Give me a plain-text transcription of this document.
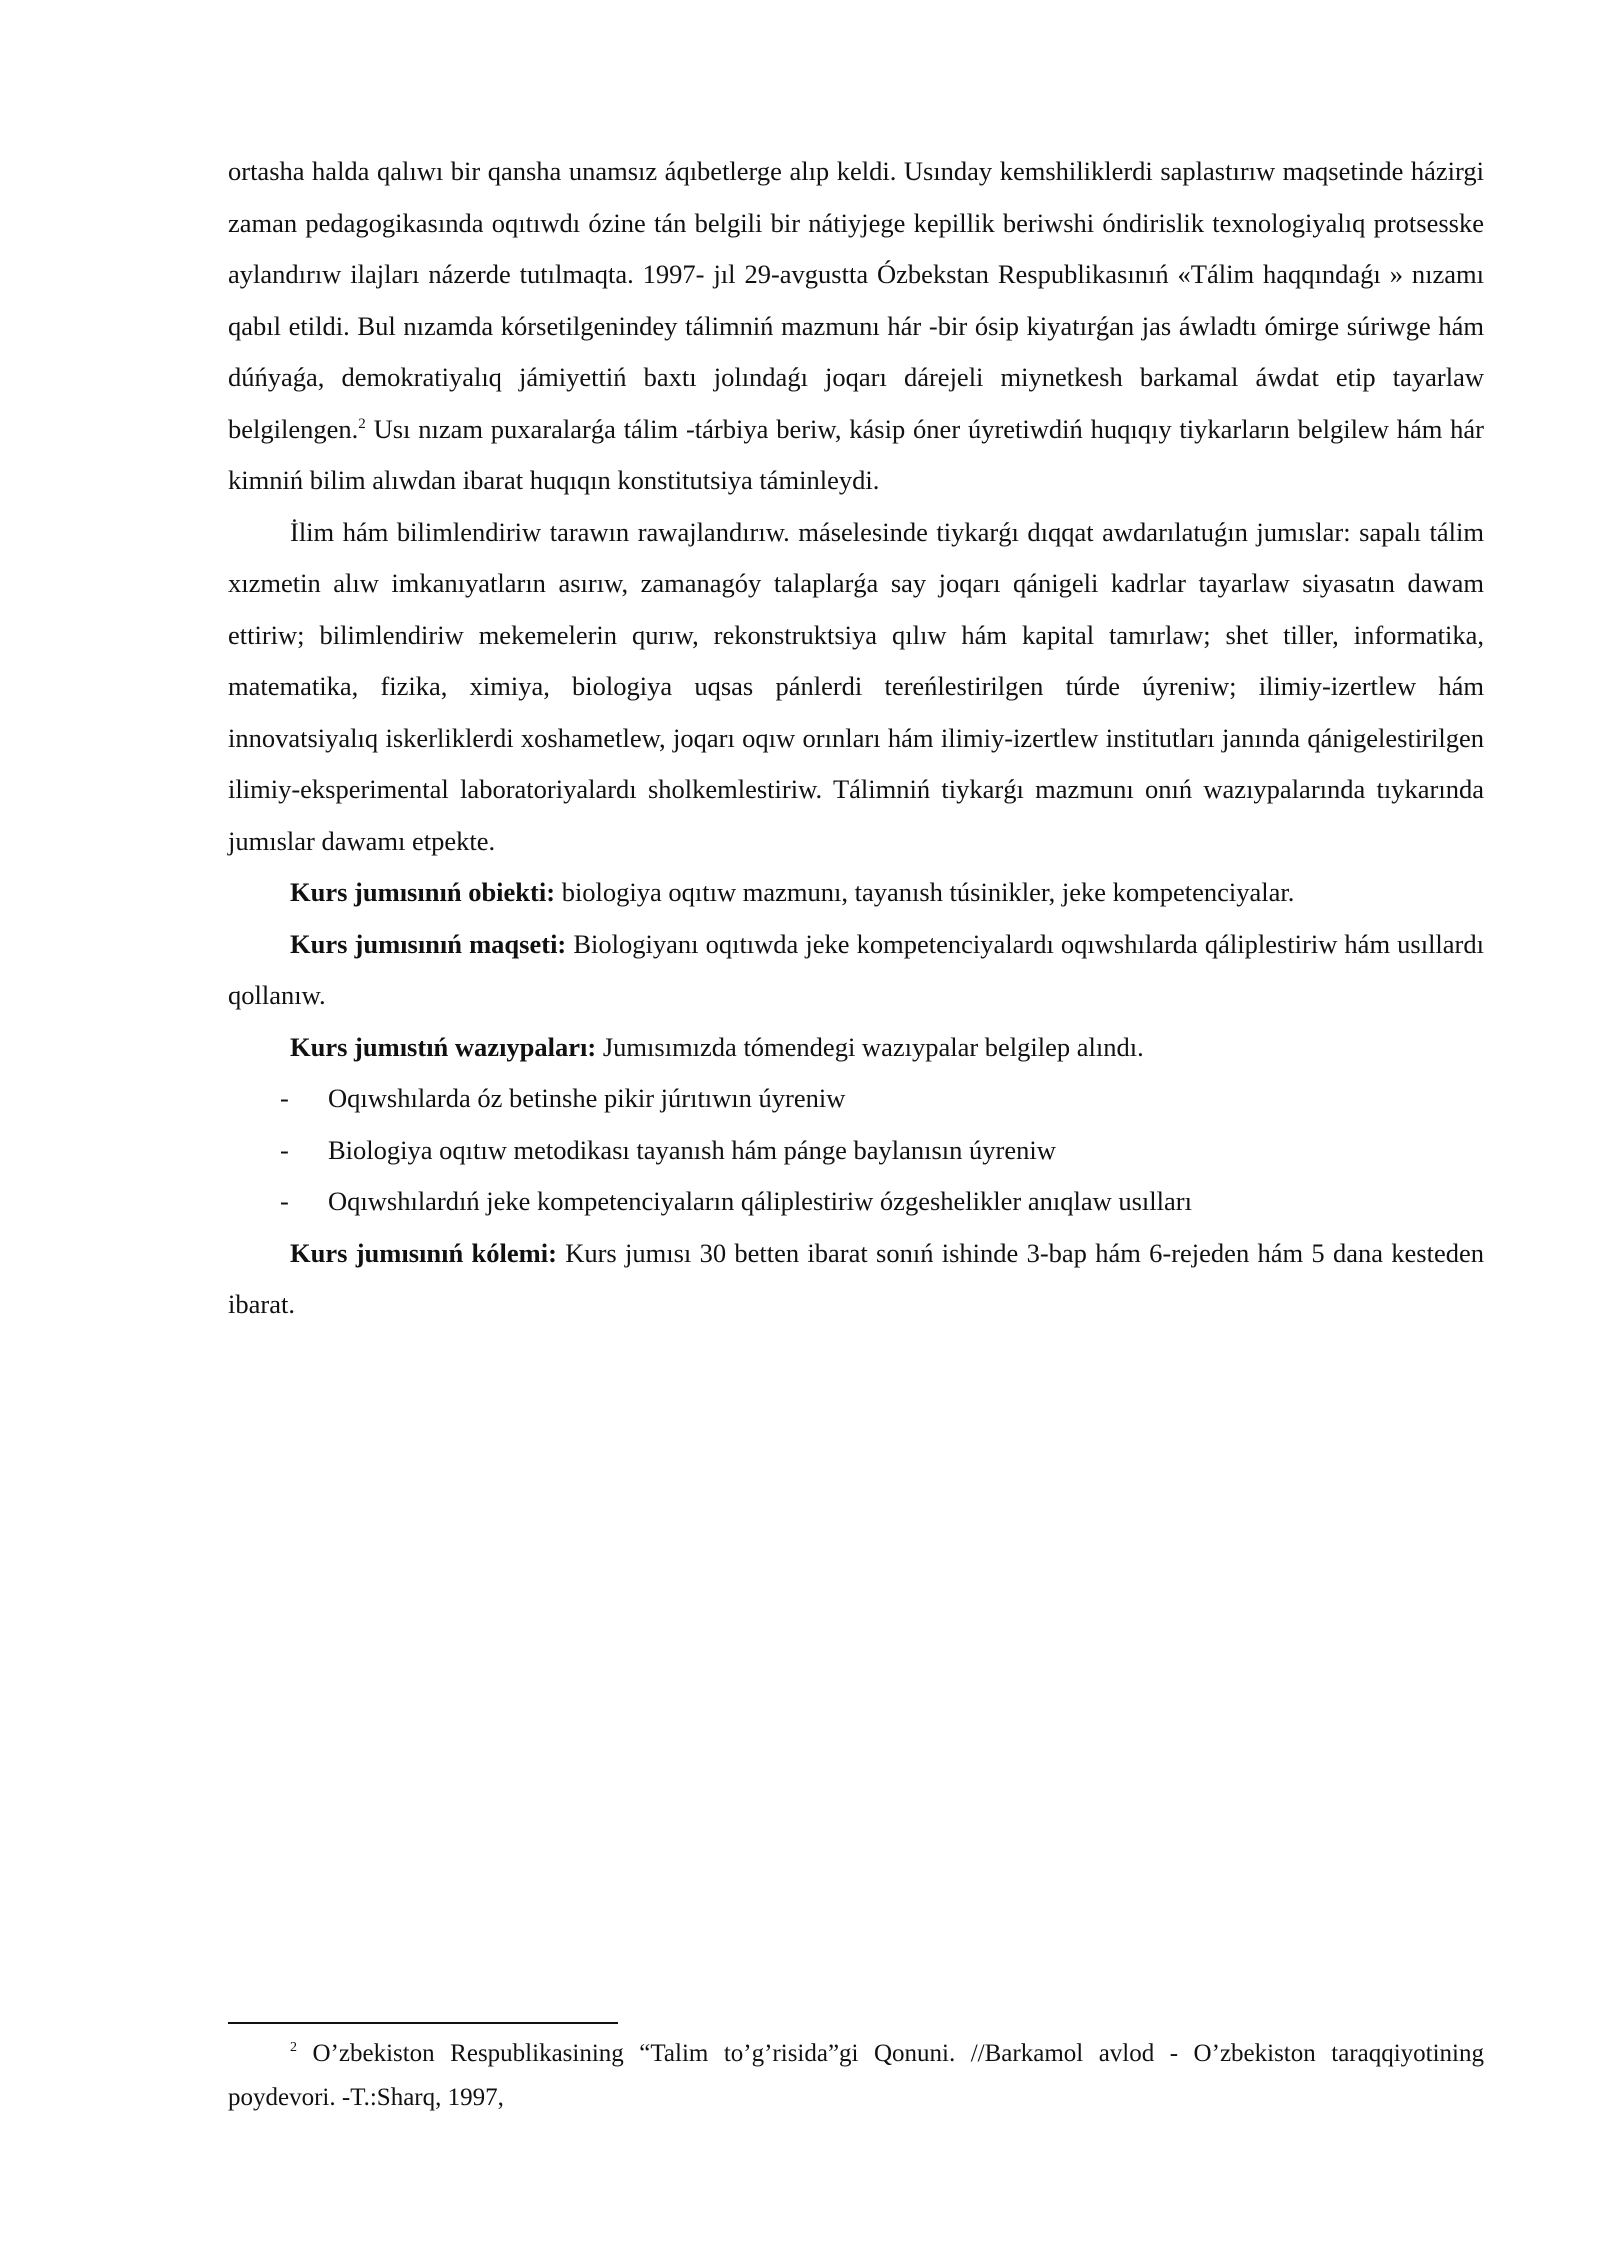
ortasha halda qalıwı bir qansha unamsız áqıbetlerge alıp keldi. Usınday kemshiliklerdi saplastırıw maqsetinde házirgi zaman pedagogikasında oqıtıwdı ózine tán belgili bir nátiyjege kepillik beriwshi óndirislik texnologiyalıq protsesske aylandırıw ilajları názerde tutılmaqta. 1997- jıl 29-avgustta Ózbekstan Respublikasınıń «Tálim haqqındaǵı » nızamı qabıl etildi. Bul nızamda kórsetilgenindey tálimniń mazmunı hár -bir ósip kiyatırǵan jas áwladtı ómirge súriwge hám dúńyaǵa, demokratiyalıq jámiyettiń baxtı jolındaǵı joqarı dárejeli miynetkesh barkamal áwdat etip tayarlaw belgilengen.$^2$ Usı nızam puxaralarǵa tálim -tárbiya beriw, kásip óner úyretiwdiń huqıqıy tiykarların belgilew hám hár kimniń bilim alıwdan ibarat huqıqın konstitutsiya táminleydi.

İlim hám bilimlendiriw tarawın rawajlandırıw. máselesinde tiykarǵı dıqqat awdarılatuǵın jumıslar: sapalı tálim xızmetin alıw imkanıyatların asırıw, zamanagóy talaplarǵa say joqarı qánigeli kadrlar tayarlaw siyasatın dawam ettiriw; bilimlendiriw mekemelerin qurıw, rekonstruktsiya qılıw hám kapital tamırlaw; shet tiller, informatika, matematika, fizika, ximiya, biologiya uqsas pánlerdi tereńlestirilgen túrde úyreniw; ilimiy-izertlew hám innovatsiyalıq iskerliklerdi xoshametlew, joqarı oqıw orınları hám ilimiy-izertlew institutları janında qánigelestirilgen ilimiy-eksperimental laboratoriyalardı sholkemlestiriw. Tálimniń tiykarǵı mazmunı onıń wazıypalarında tıykarında jumıslar dawamı etpekte.

Kurs jumısınıń obiekti: biologiya oqıtıw mazmunı, tayanısh túsinikler, jeke kompetenciyalar.

Kurs jumısınıń maqseti: Biologiyanı oqıtıwda jeke kompetenciyalardı oqıwshılarda qáliplestiriw hám usıllardı qollanıw.

Kurs jumıstıń wazıypaları: Jumısımızda tómendegi wazıypalar belgilep alındı.

-	Oqıwshılarda óz betinshe pikir júrıtıwın úyreniw
-	Biologiya oqıtıw metodikası tayanısh hám pánge baylanısın úyreniw
-	Oqıwshılardıń jeke kompetenciyaların qáliplestiriw ózgeshelikler anıqlaw usılları

Kurs jumısınıń kólemi: Kurs jumısı 30 betten ibarat sonıń ishinde 3-bap hám 6-rejeden hám 5 dana kesteden ibarat.

$^2$ O’zbekiston Respublikasining “Talim to’g’risida”gi Qonuni. //Barkamol avlod - O’zbekiston taraqqiyotining poydevori. -T.:Sharq, 1997,
